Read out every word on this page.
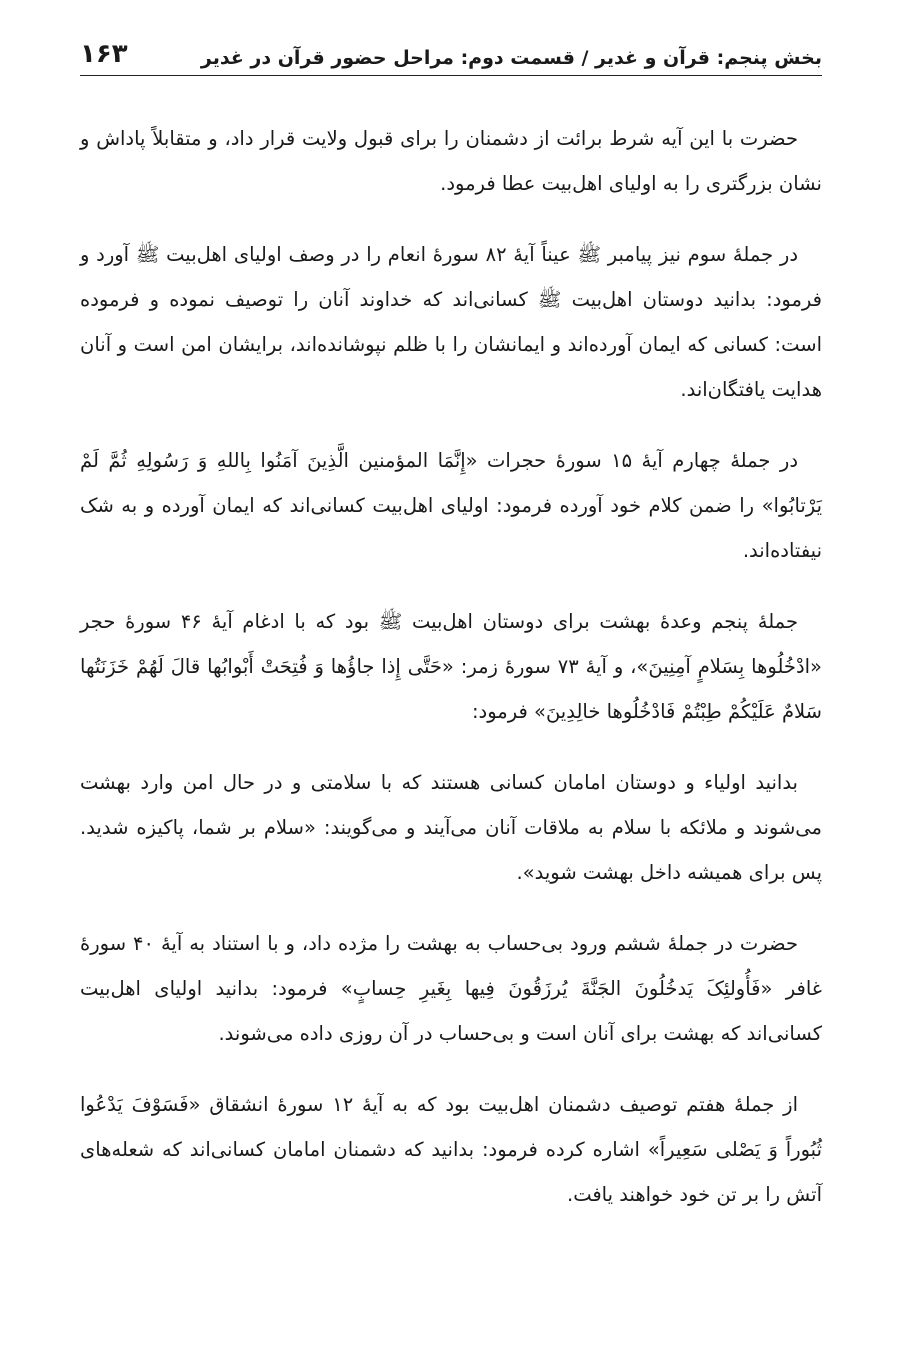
بخش پنجم: قرآن و غدیر / قسمت دوم: مراحل حضور قرآن در غدیر
۱۶۳

حضرت با این آیه شرط برائت از دشمنان را برای قبول ولایت قرار داد، و متقابلاً پاداش و نشان بزرگتری را به اولیای اهل‌بیت عطا فرمود.

در جملهٔ سوم نیز پیامبر ﷺ عیناً آیهٔ ۸۲ سورهٔ انعام را در وصف اولیای اهل‌بیت ﷺ آورد و فرمود: بدانید دوستان اهل‌بیت ﷺ کسانی‌اند که خداوند آنان را توصیف نموده و فرموده است: کسانی که ایمان آورده‌اند و ایمانشان را با ظلم نپوشانده‌اند، برایشان امن است و آنان هدایت یافتگان‌اند.

در جملهٔ چهارم آیهٔ ۱۵ سورهٔ حجرات «إِنَّمَا المؤمنین الَّذِینَ آمَنُوا بِاللهِ وَ رَسُولِهِ ثُمَّ لَمْ یَرْتابُوا» را ضمن کلام خود آورده فرمود: اولیای اهل‌بیت کسانی‌اند که ایمان آورده و به شک نیفتاده‌اند.

جملهٔ پنجم وعدهٔ بهشت برای دوستان اهل‌بیت ﷺ بود که با ادغام آیهٔ ۴۶ سورهٔ حجر «ادْخُلُوها بِسَلامٍ آمِنِینَ»، و آیهٔ ۷۳ سورهٔ زمر: «حَتَّی إِذا جاؤُها وَ فُتِحَتْ أَبْوابُها قالَ لَهُمْ خَزَنَتُها سَلامٌ عَلَیْکُمْ طِبْتُمْ فَادْخُلُوها خالِدِینَ» فرمود:

بدانید اولیاء و دوستان امامان کسانی هستند که با سلامتی و در حال امن وارد بهشت می‌شوند و ملائکه با سلام به ملاقات آنان می‌آیند و می‌گویند: «سلام بر شما، پاکیزه شدید. پس برای همیشه داخل بهشت شوید».

حضرت در جملهٔ ششم ورود بی‌حساب به بهشت را مژده داد، و با استناد به آیهٔ ۴۰ سورهٔ غافر «فَأُولئِکَ یَدخُلُونَ الجَنَّةَ یُرزَقُونَ فِیها بِغَیرِ حِسابٍ» فرمود: بدانید اولیای اهل‌بیت کسانی‌اند که بهشت برای آنان است و بی‌حساب در آن روزی داده می‌شوند.

از جملهٔ هفتم توصیف دشمنان اهل‌بیت بود که به آیهٔ ۱۲ سورهٔ انشقاق «فَسَوْفَ یَدْعُوا ثُبُوراً وَ یَصْلی سَعِیراً» اشاره کرده فرمود: بدانید که دشمنان امامان کسانی‌اند که شعله‌های آتش را بر تن خود خواهند یافت.
